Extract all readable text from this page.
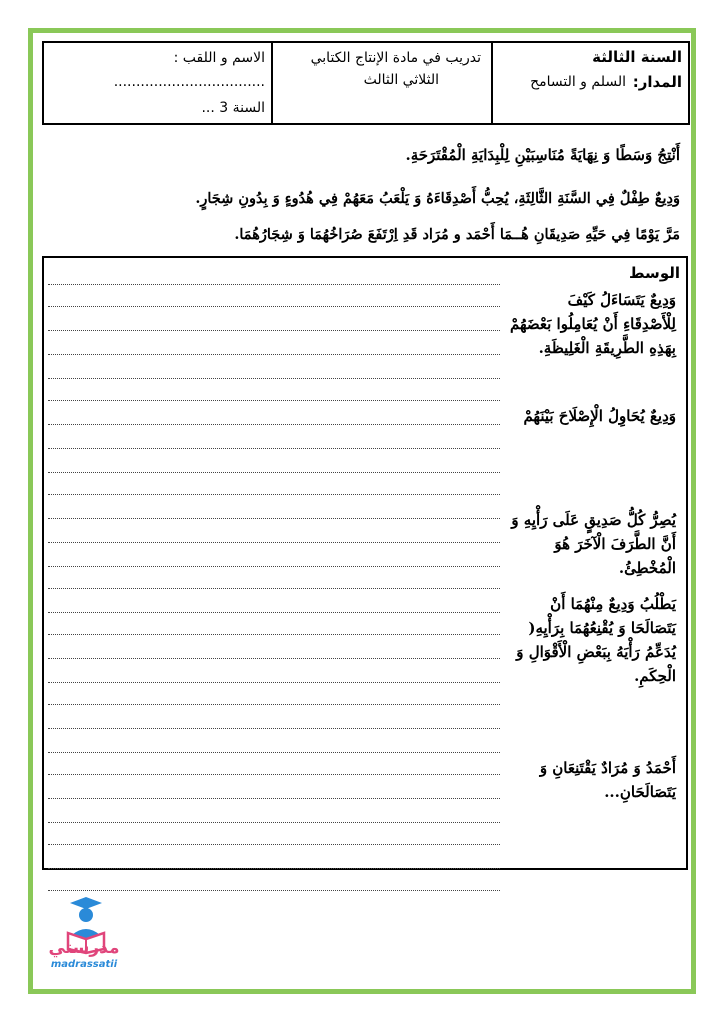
السنة الثالثة
المدار:
السلم و التسامح
تدريب في مادة الإنتاج الكتابي
الثلاثي الثالث
الاسم و اللقب :
..................................
السنة 3 ...
أَنْتِجُ وَسَطًا وَ نِهَايَةً مُنَاسِبَيْنِ لِلْبِدَايَةِ الْمُقْتَرَحَةِ.
وَدِيعٌ طِفْلٌ فِي السَّنَةِ الثَّالِثَةِ، يُحِبُّ أَصْدِقَاءَهُ وَ يَلْعَبُ مَعَهُمْ فِي هُدُوءٍ وَ بِدُونِ شِجَارٍ.
مَرَّ يَوْمًا فِي حَيِّهِ صَدِيقَانِ هُــمَا أَحْمَد و مُرَاد قَدِ اِرْتَفَعَ صُرَاخُهُمَا وَ شِجَارُهُمَا.
الوسط
وَدِيعٌ يَتَسَاءَلُ كَيْفَ لِلْأَصْدِقَاءِ أَنْ يُعَامِلُوا بَعْضَهُمْ بِهَذِهِ الطَّرِيقَةِ الْغَلِيظَةِ.
وَدِيعٌ يُحَاوِلُ الْإِصْلَاحَ بَيْنَهُمْ
يُصِرُّ كُلُّ صَدِيقٍ عَلَى رَأْيِهِ وَ أَنَّ الطَّرَفَ الْآخَرَ هُوَ الْمُخْطِئُ.
يَطْلُبُ وَدِيعٌ مِنْهُمَا أَنْ يَتَصَالَحَا وَ يُقْنِعُهُمَا بِرَأْيِهِ( يُدَعِّمُ رَأْيَهُ بِبَعْضِ الْأَقْوَالِ وَ الْحِكَمِ.
أَحْمَدُ وَ مُرَادٌ يَقْتَنِعَانِ وَ يَتَصَالَحَانِ...
مدرستي
madrassatii
